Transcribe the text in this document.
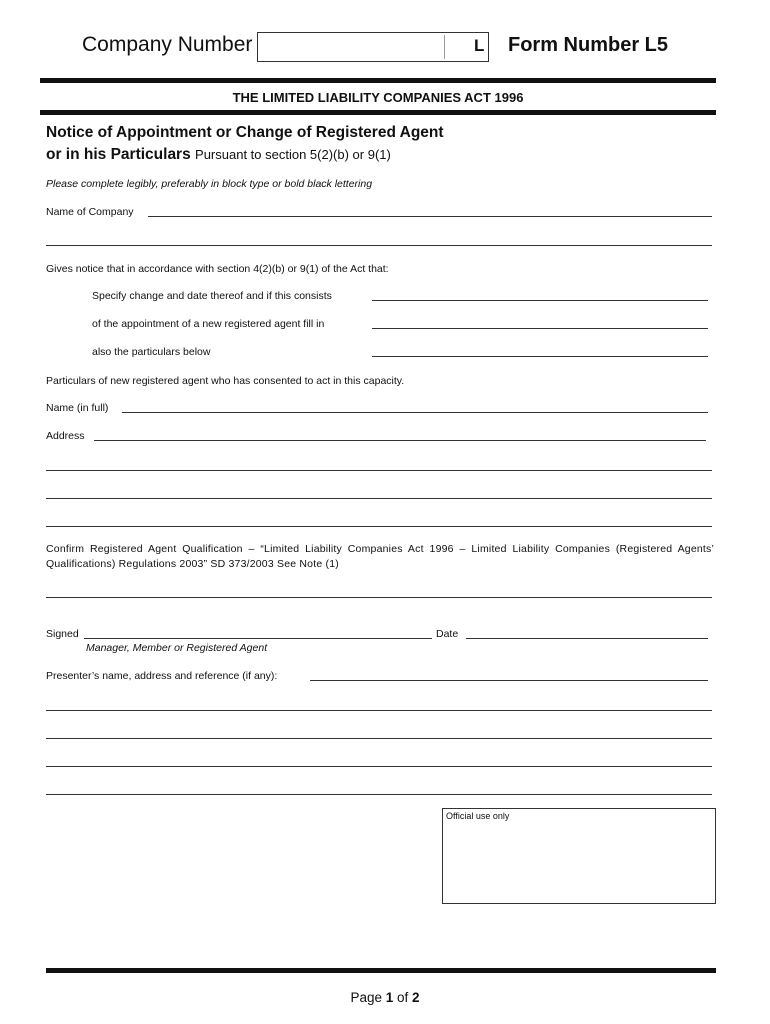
Company Number	L Form Number L5
THE LIMITED LIABILITY COMPANIES ACT 1996
Notice of Appointment or Change of Registered Agent
or in his Particulars Pursuant to section 5(2)(b) or 9(1)
Please complete legibly, preferably in block type or bold black lettering
Name of Company
Gives notice that in accordance with section 4(2)(b) or 9(1) of the Act that:
Specify change and date thereof and if this consists
of the appointment of a new registered agent fill in
also the particulars below
Particulars of new registered agent who has consented to act in this capacity.
Name (in full)
Address
Confirm Registered Agent Qualification – “Limited Liability Companies Act 1996 – Limited Liability Companies (Registered Agents’ Qualifications) Regulations 2003” SD 373/2003 See Note (1)
Signed	Date
Manager, Member or Registered Agent
Presenter’s name, address and reference (if any):
Official use only
Page 1 of 2
